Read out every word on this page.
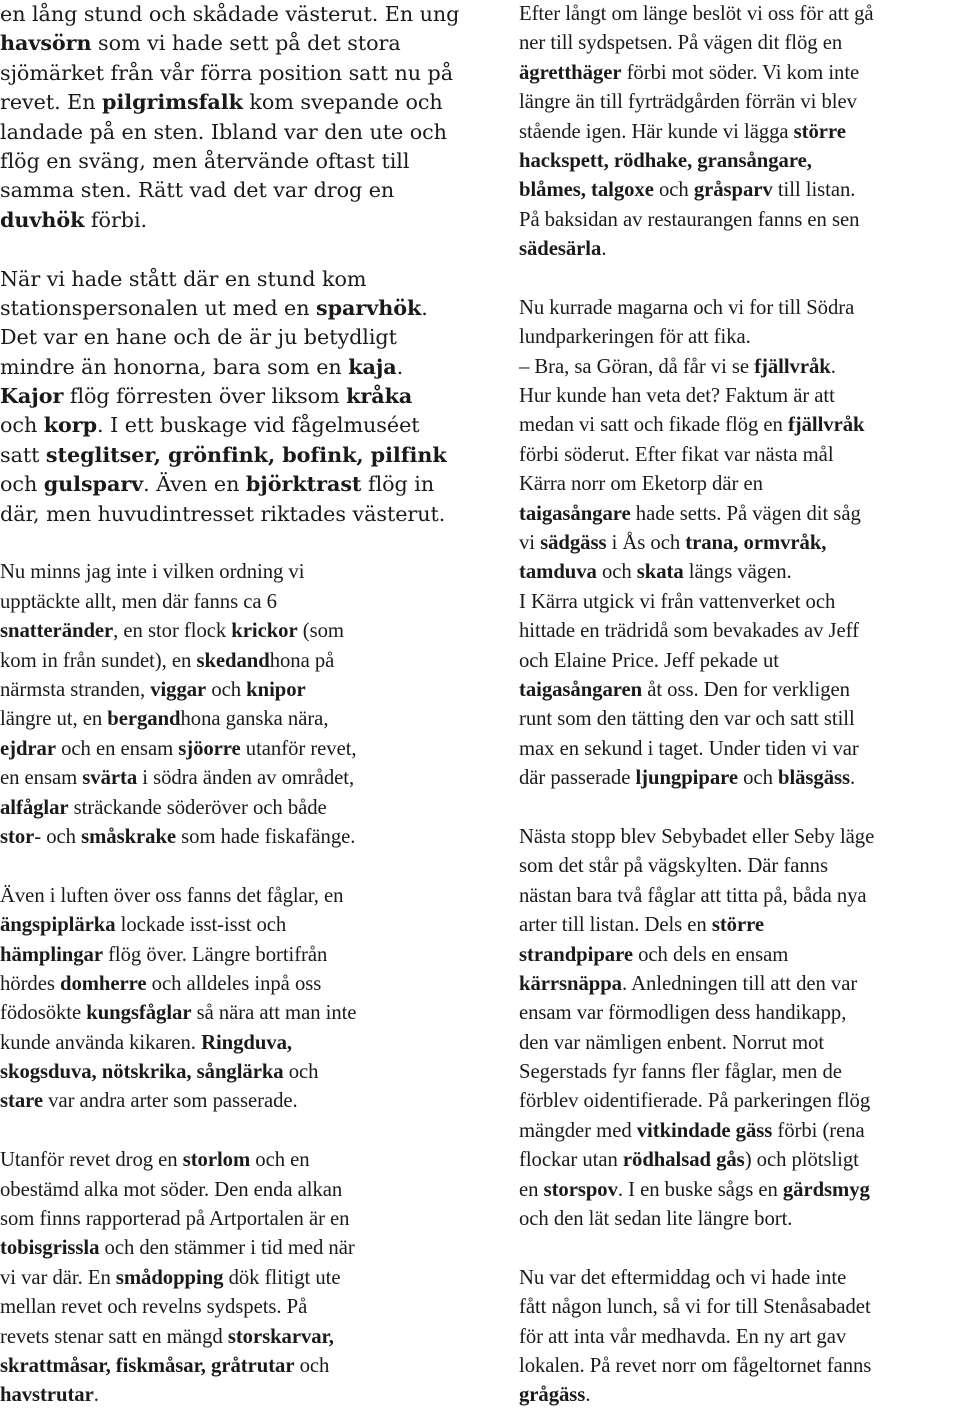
en lång stund och skådade västerut. En ung
havsörn som vi hade sett på det stora
sjömärket från vår förra position satt nu på
revet. En pilgrimsfalk kom svepande och
landade på en sten. Ibland var den ute och
flög en sväng, men återvände oftast till
samma sten. Rätt vad det var drog en
duvhök förbi.
När vi hade stått där en stund kom
stationspersonalen ut med en sparvhök.
Det var en hane och de är ju betydligt
mindre än honorna, bara som en kaja.
Kajor flög förresten över liksom kråka
och korp. I ett buskage vid fågelmuséet
satt steglitser, grönfink, bofink, pilfink
och gulsparv. Även en björktrast flög in
där, men huvudintresset riktades västerut.
Nu minns jag inte i vilken ordning vi
upptäckte allt, men där fanns ca 6
snatteränder, en stor flock krickor (som
kom in från sundet), en skedandhona på
närmsta stranden, viggar och knipor
längre ut, en bergandhona ganska nära,
ejdrar och en ensam sjöorre utanför revet,
en ensam svärta i södra änden av området,
alfåglar sträckande söderöver och både
stor- och småskrake som hade fiskafänge.
Även i luften över oss fanns det fåglar, en
ängspiplärka lockade isst-isst och
hämplingar flög över. Längre bortifrån
hördes domherre och alldeles inpå oss
födosökte kungsfåglar så nära att man inte
kunde använda kikaren. Ringduva,
skogsduva, nötskrika, sånglärka och
stare var andra arter som passerade.
Utanför revet drog en storlom och en
obestämd alka mot söder. Den enda alkan
som finns rapporterad på Artportalen är en
tobisgrissla och den stämmer i tid med när
vi var där. En smådopping dök flitigt ute
mellan revet och revelns sydspets. På
revets stenar satt en mängd storskarvar,
skrattmåsar, fiskmåsar, gråtrutar och
havstrutar.
Efter långt om länge beslöt vi oss för att gå
ner till sydspetsen. På vägen dit flög en
ägretthäger förbi mot söder. Vi kom inte
längre än till fyrträdgården förrän vi blev
stående igen. Här kunde vi lägga större
hackspett, rödhake, gransångare,
blåmes, talgoxe och gråsparv till listan.
På baksidan av restaurangen fanns en sen
sädesärla.
Nu kurrade magarna och vi for till Södra
lundparkeringen för att fika.
– Bra, sa Göran, då får vi se fjällvråk.
Hur kunde han veta det? Faktum är att
medan vi satt och fikade flög en fjällvråk
förbi söderut. Efter fikat var nästa mål
Kärra norr om Eketorp där en
taigasångare hade setts. På vägen dit såg
vi sädgäss i Ås och trana, ormvråk,
tamduva och skata längs vägen.
I Kärra utgick vi från vattenverket och
hittade en trädridå som bevakades av Jeff
och Elaine Price. Jeff pekade ut
taigasångaren åt oss. Den for verkligen
runt som den tätting den var och satt still
max en sekund i taget. Under tiden vi var
där passerade ljungpipare och bläsgäss.
Nästa stopp blev Sebybadet eller Seby läge
som det står på vägskylten. Där fanns
nästan bara två fåglar att titta på, båda nya
arter till listan. Dels en större
strandpipare och dels en ensam
kärrsnäppa. Anledningen till att den var
ensam var förmodligen dess handikapp,
den var nämligen enbent. Norrut mot
Segerstads fyr fanns fler fåglar, men de
förblev oidentifierade. På parkeringen flög
mängder med vitkindade gäss förbi (rena
flockar utan rödhalsad gås) och plötsligt
en storspov. I en buske sågs en gärdsmyg
och den lät sedan lite längre bort.
Nu var det eftermiddag och vi hade inte
fått någon lunch, så vi for till Stenåsabadet
för att inta vår medhavda. En ny art gav
lokalen. På revet norr om fågeltornet fanns
grågäss.
